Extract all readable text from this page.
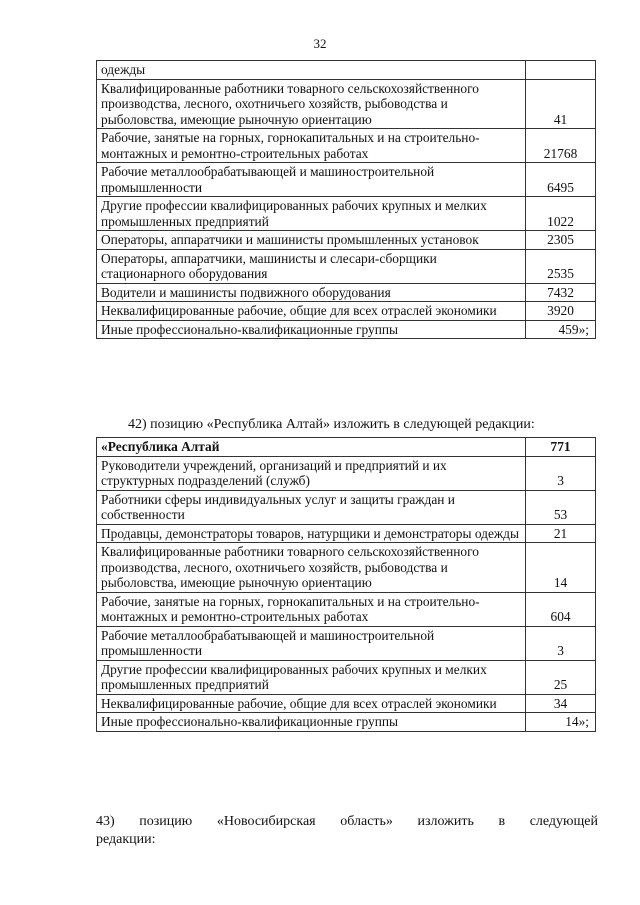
32
одежды	
Квалифицированные работники товарного сельскохозяйственного производства, лесного, охотничьего хозяйств, рыбоводства и рыболовства, имеющие рыночную ориентацию	41
Рабочие, занятые на горных, горнокапитальных и на строительно-монтажных и ремонтно-строительных работах	21768
Рабочие металлообрабатывающей и машиностроительной промышленности	6495
Другие профессии квалифицированных рабочих крупных и мелких промышленных предприятий	1022
Операторы, аппаратчики и машинисты промышленных установок	2305
Операторы, аппаратчики, машинисты и слесари-сборщики стационарного оборудования	2535
Водители и машинисты подвижного оборудования	7432
Неквалифицированные рабочие, общие для всех отраслей экономики	3920
Иные профессионально-квалификационные группы	459»;
42) позицию «Республика Алтай» изложить в следующей редакции:
«Республика Алтай	771
Руководители учреждений, организаций и предприятий и их структурных подразделений (служб)	3
Работники сферы индивидуальных услуг и защиты граждан и собственности	53
Продавцы, демонстраторы товаров, натурщики и демонстраторы одежды	21
Квалифицированные работники товарного сельскохозяйственного производства, лесного, охотничьего хозяйств, рыбоводства и рыболовства, имеющие рыночную ориентацию	14
Рабочие, занятые на горных, горнокапитальных и на строительно-монтажных и ремонтно-строительных работах	604
Рабочие металлообрабатывающей и машиностроительной промышленности	3
Другие профессии квалифицированных рабочих крупных и мелких промышленных предприятий	25
Неквалифицированные рабочие, общие для всех отраслей экономики	34
Иные профессионально-квалификационные группы	14»;
43) позицию «Новосибирская область» изложить в следующей
редакции:
